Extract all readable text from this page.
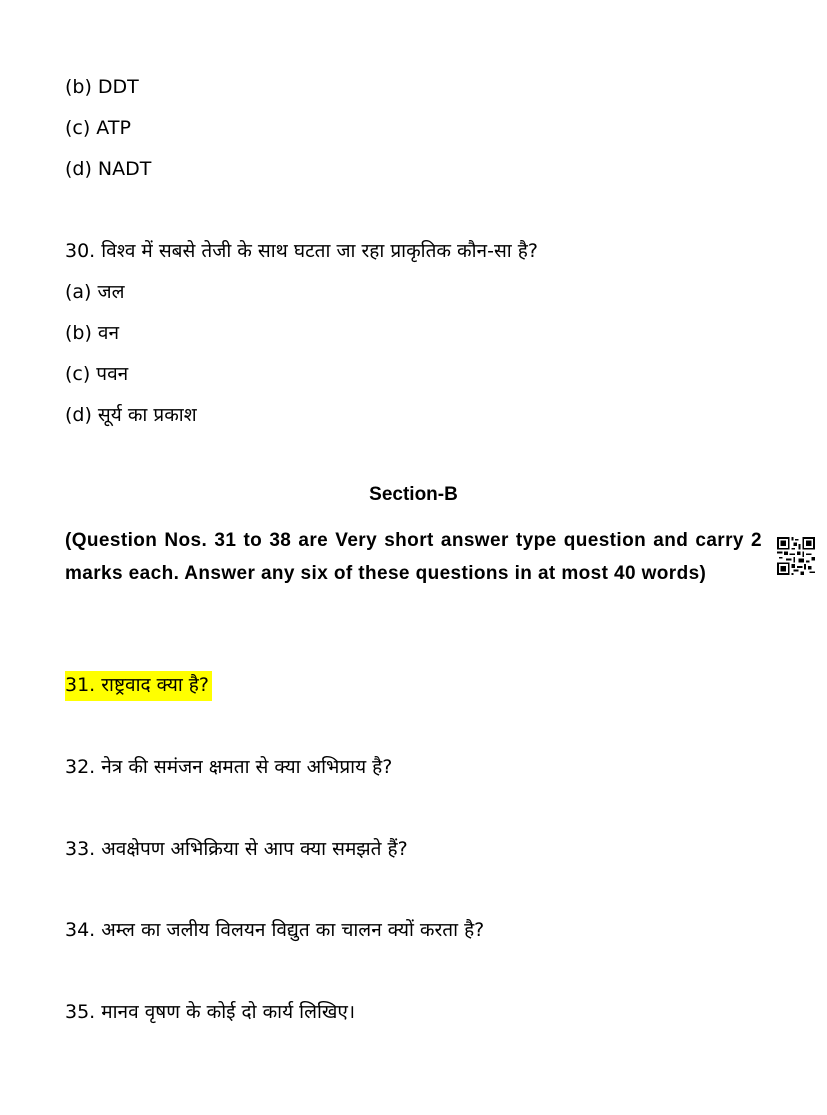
(b) DDT
(c) ATP
(d) NADT
30. विश्व में सबसे तेजी के साथ घटता जा रहा प्राकृतिक कौन-सा है?
(a) जल
(b) वन
(c) पवन
(d) सूर्य का प्रकाश
Section-B
(Question Nos. 31 to 38 are Very short answer type question and carry 2 marks each. Answer any six of these questions in at most 40 words)
31. राष्ट्रवाद क्या है?
32. नेत्र की समंजन क्षमता से क्या अभिप्राय है?
33. अवक्षेपण अभिक्रिया से आप क्या समझते हैं?
34. अम्ल का जलीय विलयन विद्युत का चालन क्यों करता है?
35. मानव वृषण के कोई दो कार्य लिखिए।
